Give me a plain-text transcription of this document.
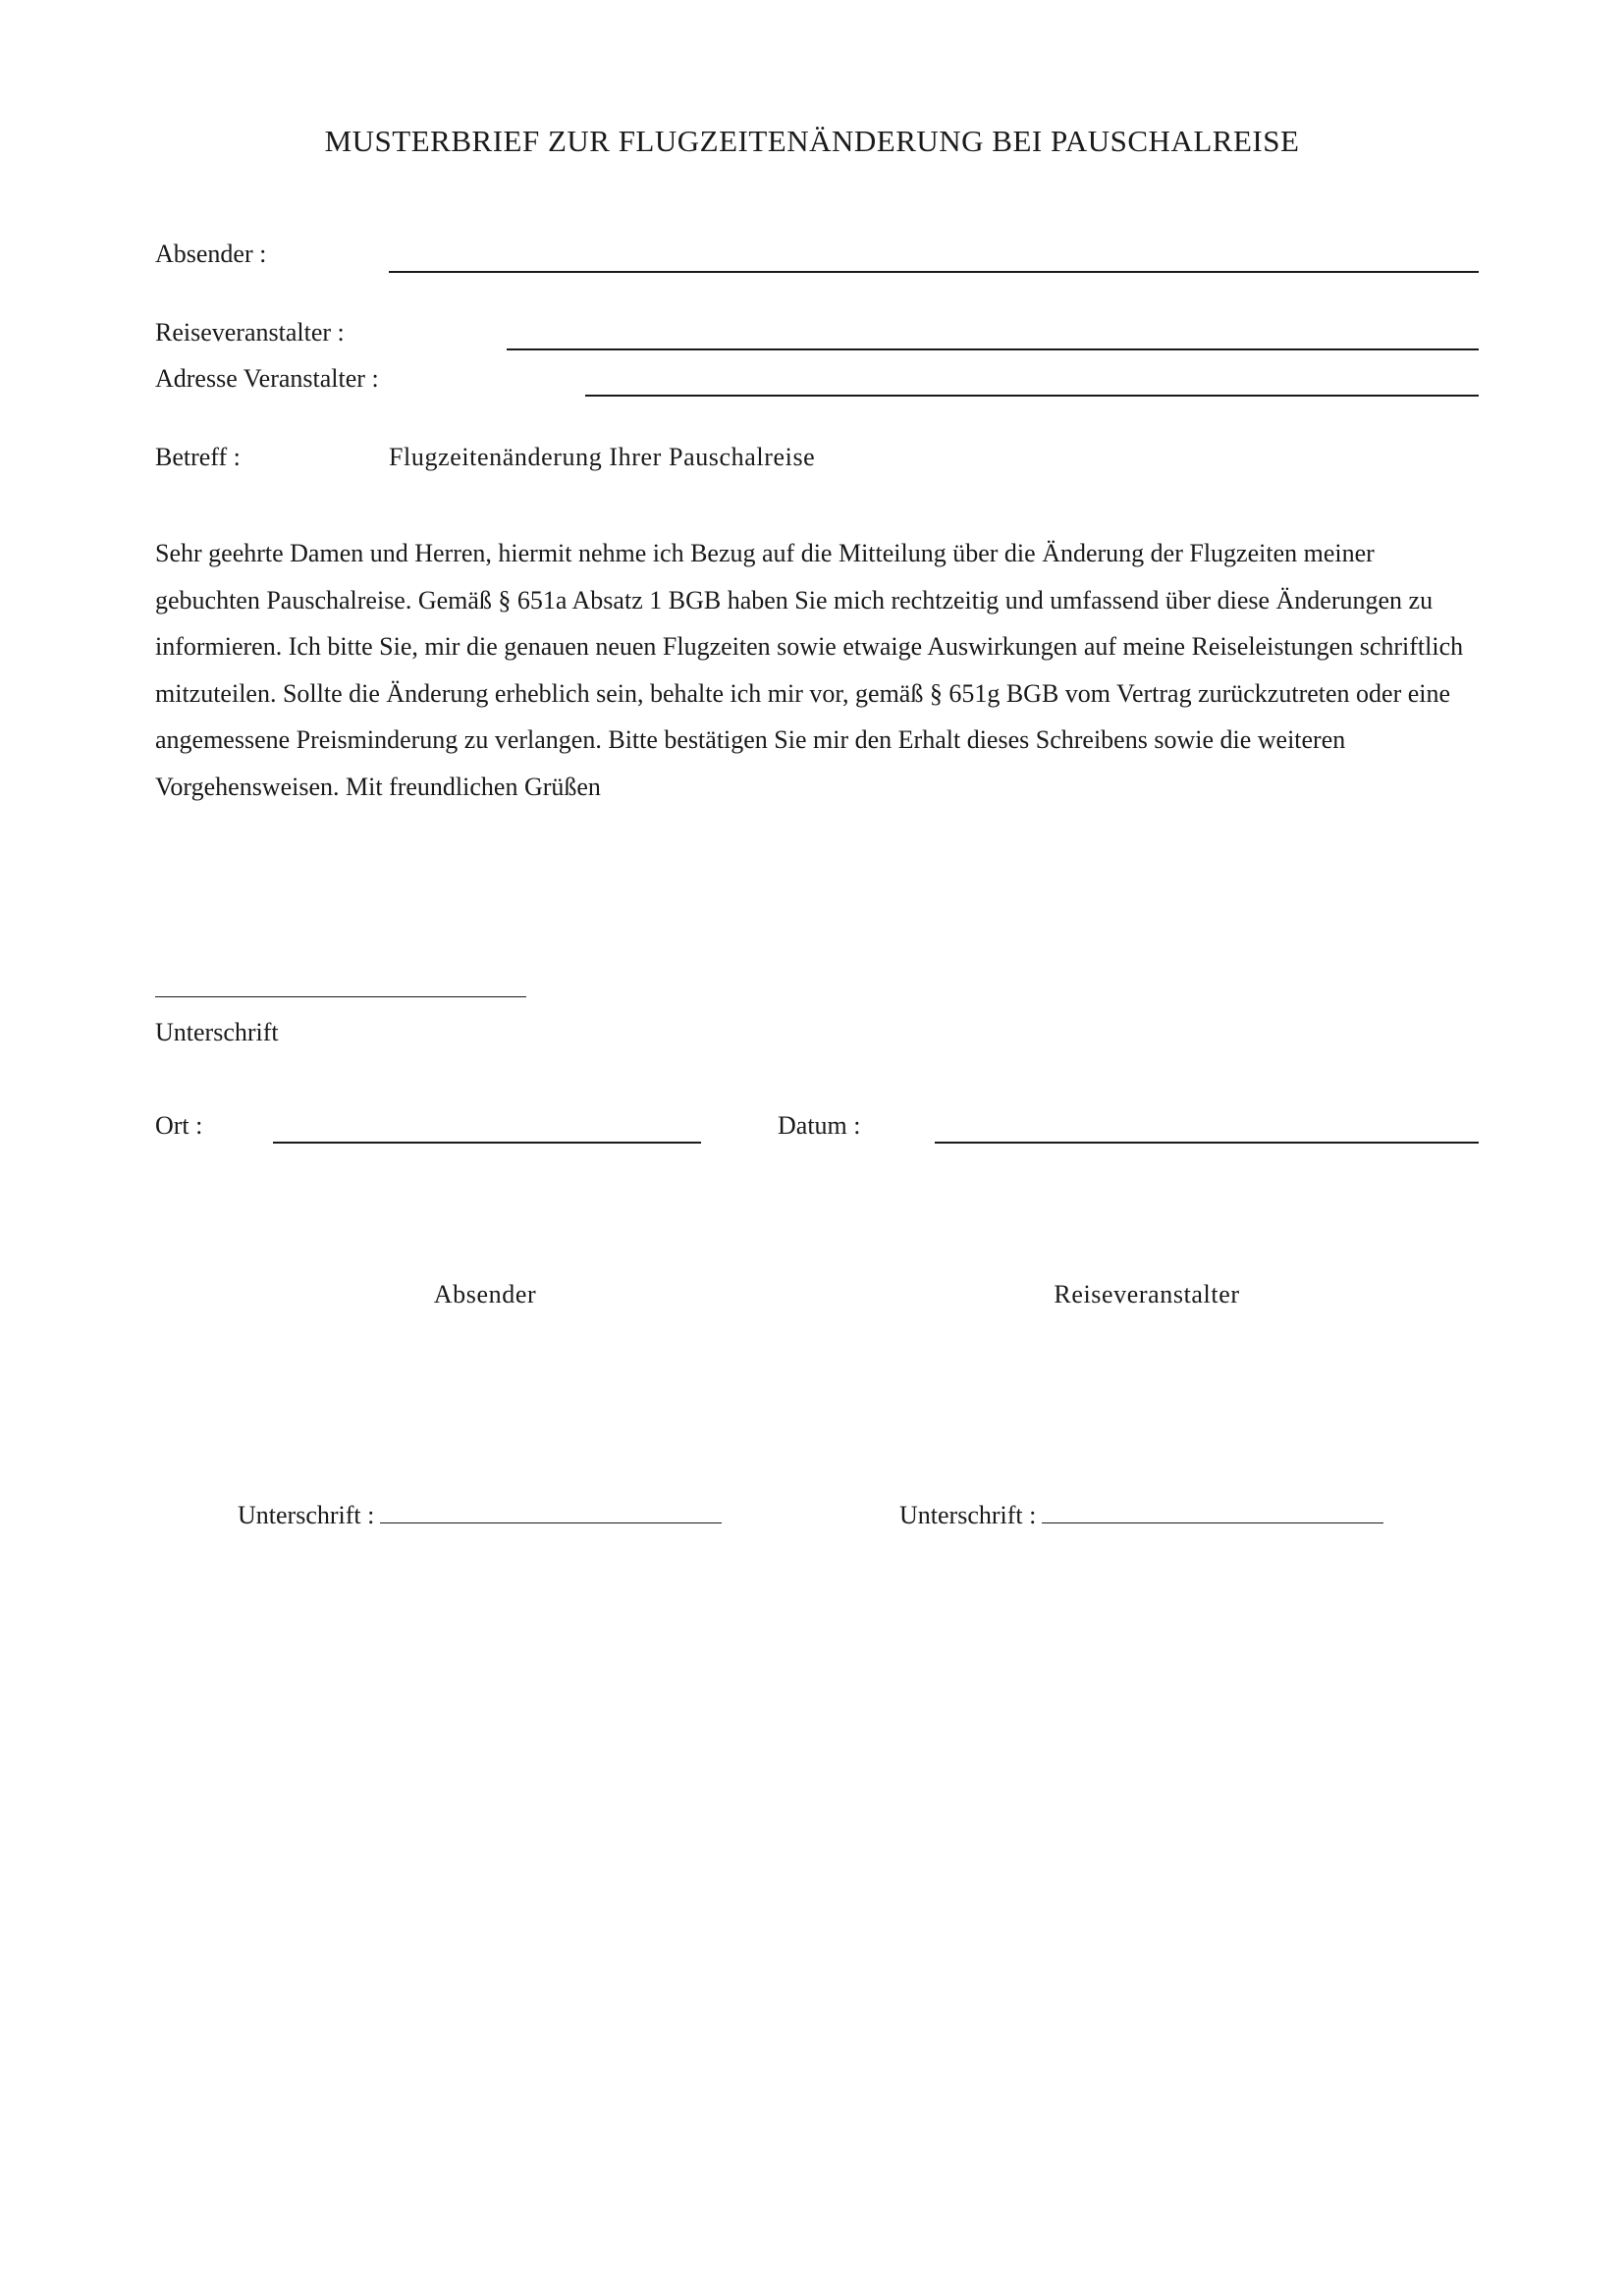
MUSTERBRIEF ZUR FLUGZEITENÄNDERUNG BEI PAUSCHALREISE
Absender :
Reiseveranstalter :
Adresse Veranstalter :
Betreff :	Flugzeitenänderung Ihrer Pauschalreise
Sehr geehrte Damen und Herren, hiermit nehme ich Bezug auf die Mitteilung über die Änderung der Flugzeiten meiner gebuchten Pauschalreise. Gemäß § 651a Absatz 1 BGB haben Sie mich rechtzeitig und umfassend über diese Änderungen zu informieren. Ich bitte Sie, mir die genauen neuen Flugzeiten sowie etwaige Auswirkungen auf meine Reiseleistungen schriftlich mitzuteilen. Sollte die Änderung erheblich sein, behalte ich mir vor, gemäß § 651g BGB vom Vertrag zurückzutreten oder eine angemessene Preisminderung zu verlangen. Bitte bestätigen Sie mir den Erhalt dieses Schreibens sowie die weiteren Vorgehensweisen. Mit freundlichen Grüßen
Unterschrift
Ort :	Datum :
Absender	Reiseveranstalter
Unterschrift :	Unterschrift :
